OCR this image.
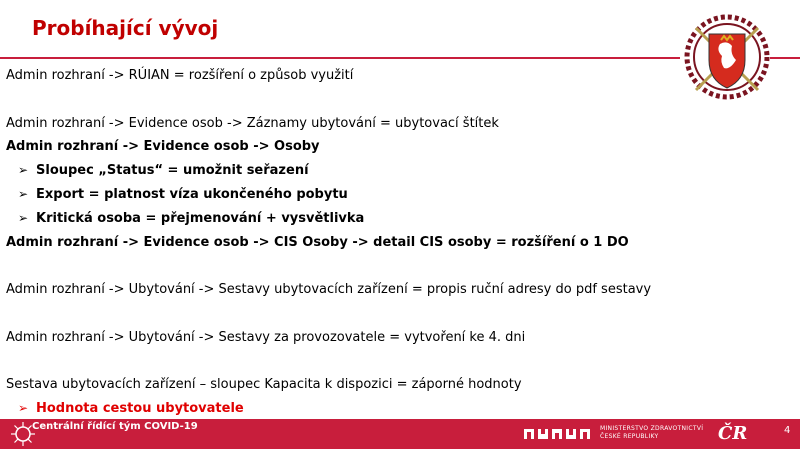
Probíhající vývoj
Admin rozhraní -> RÚIAN = rozšíření o způsob využití
Admin rozhraní -> Evidence osob -> Záznamy ubytování = ubytovací štítek
Admin rozhraní -> Evidence osob -> Osoby
➢ Sloupec „Status“ = umožnit seřazení
➢ Export = platnost víza ukončeného pobytu
➢ Kritická osoba = přejmenování + vysvětlivka
Admin rozhraní -> Evidence osob -> CIS Osoby -> detail CIS osoby = rozšíření o 1 DO
Admin rozhraní -> Ubytování -> Sestavy ubytovacích zařízení = propis ruční adresy do pdf sestavy
Admin rozhraní -> Ubytování -> Sestavy za provozovatele = vytvoření ke 4. dni
Sestava ubytovacích zařízení – sloupec Kapacita k dispozici = záporné hodnoty
➢ Hodnota cestou ubytovatele
Centrální řídící tým COVID-19	MINISTERSTVO ZDRAVOTNICTVÍ
ČESKÉ REPUBLIKY	ČR	4
